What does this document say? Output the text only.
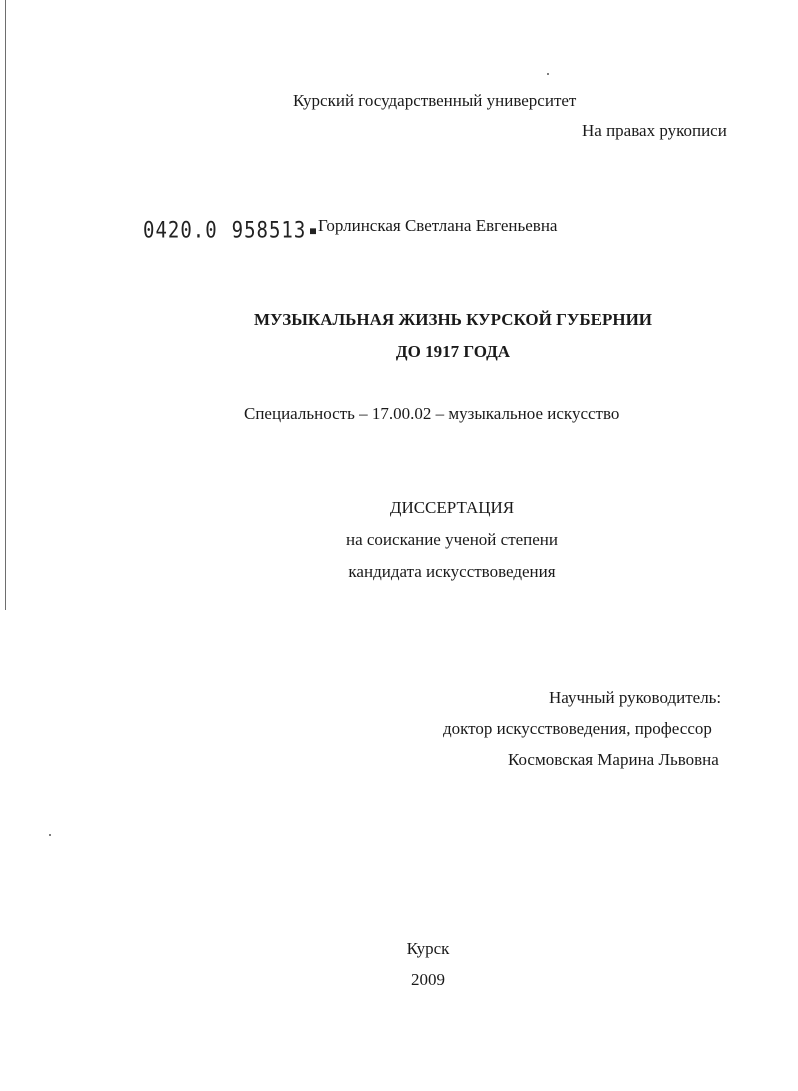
Курский государственный университет
На правах рукописи
0420.0 958513 Горлинская Светлана Евгеньевна
МУЗЫКАЛЬНАЯ ЖИЗНЬ КУРСКОЙ ГУБЕРНИИ
ДО 1917 ГОДА
Специальность – 17.00.02 – музыкальное искусство
ДИССЕРТАЦИЯ
на соискание ученой степени
кандидата искусствоведения
Научный руководитель:
доктор искусствоведения, профессор
Космовская Марина Львовна
Курск
2009
